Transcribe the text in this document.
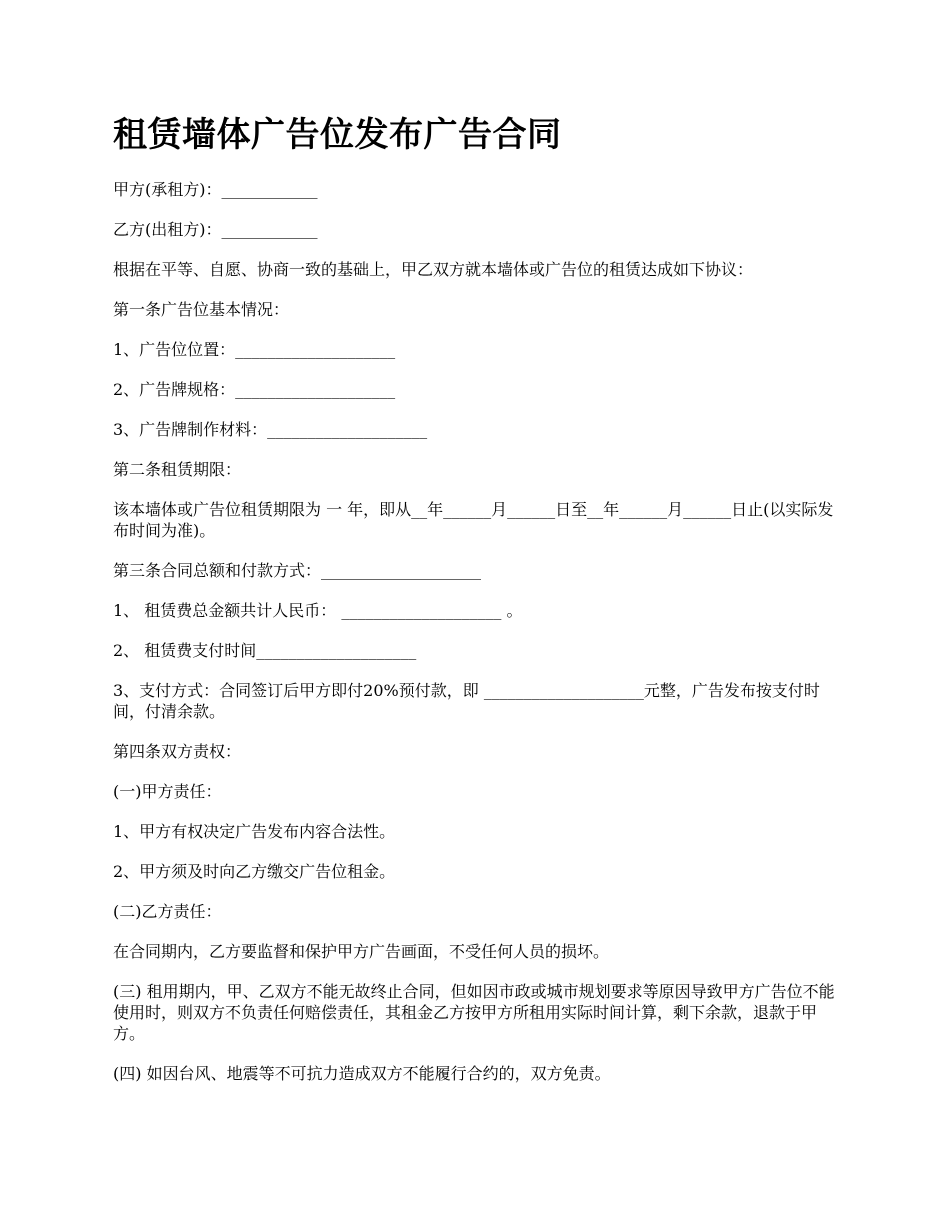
租赁墙体广告位发布广告合同

甲方(承租方)：____________

乙方(出租方)：____________

根据在平等、自愿、协商一致的基础上，甲乙双方就本墙体或广告位的租赁达成如下协议：

第一条广告位基本情况：

1、广告位位置：____________________

2、广告牌规格：____________________

3、广告牌制作材料：____________________

第二条租赁期限：

该本墙体或广告位租赁期限为 一 年，即从__年______月______日至__年______月______日止(以实际发布时间为准)。

第三条合同总额和付款方式：____________________

1、 租赁费总金额共计人民币： ____________________ 。

2、 租赁费支付时间____________________

3、支付方式：合同签订后甲方即付20%预付款，即 ____________________元整，广告发布按支付时间，付清余款。

第四条双方责权：

(一)甲方责任：

1、甲方有权决定广告发布内容合法性。

2、甲方须及时向乙方缴交广告位租金。

(二)乙方责任：

在合同期内，乙方要监督和保护甲方广告画面，不受任何人员的损坏。

(三) 租用期内，甲、乙双方不能无故终止合同，但如因市政或城市规划要求等原因导致甲方广告位不能使用时，则双方不负责任何赔偿责任，其租金乙方按甲方所租用实际时间计算，剩下余款，退款于甲方。

(四) 如因台风、地震等不可抗力造成双方不能履行合约的，双方免责。
